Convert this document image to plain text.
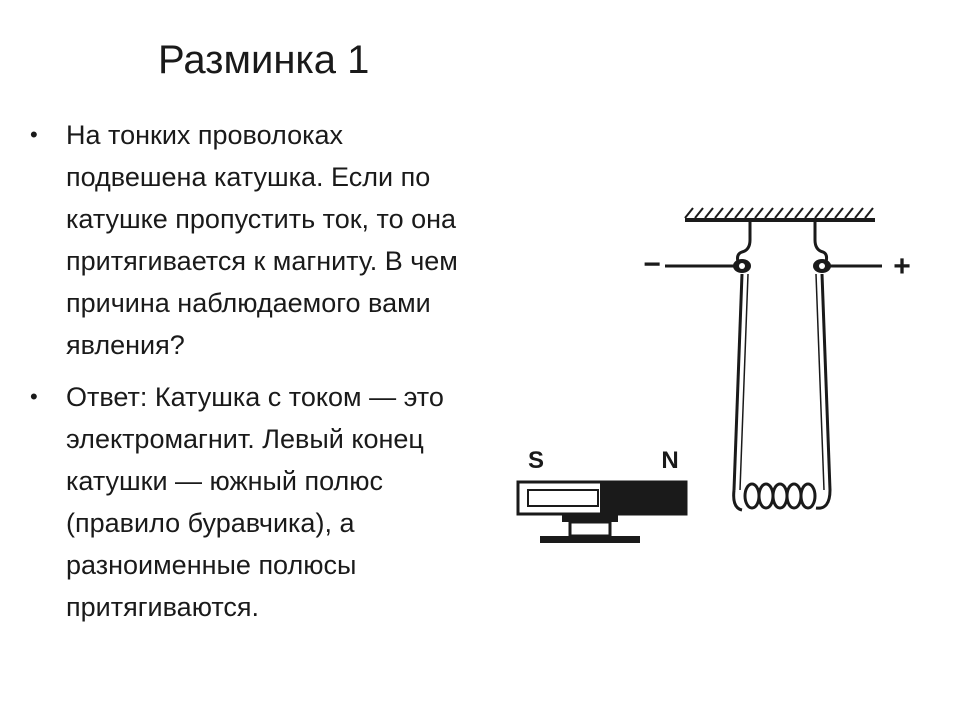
Разминка 1
• На тонких проволоках подвешена катушка. Если по катушке пропустить ток, то она притягивается к магниту. В чем причина наблюдаемого вами явления?
• Ответ: Катушка с током — это электромагнит. Левый конец катушки — южный полюс (правило буравчика), а разноименные полюсы притягиваются.
−	+
S	N
